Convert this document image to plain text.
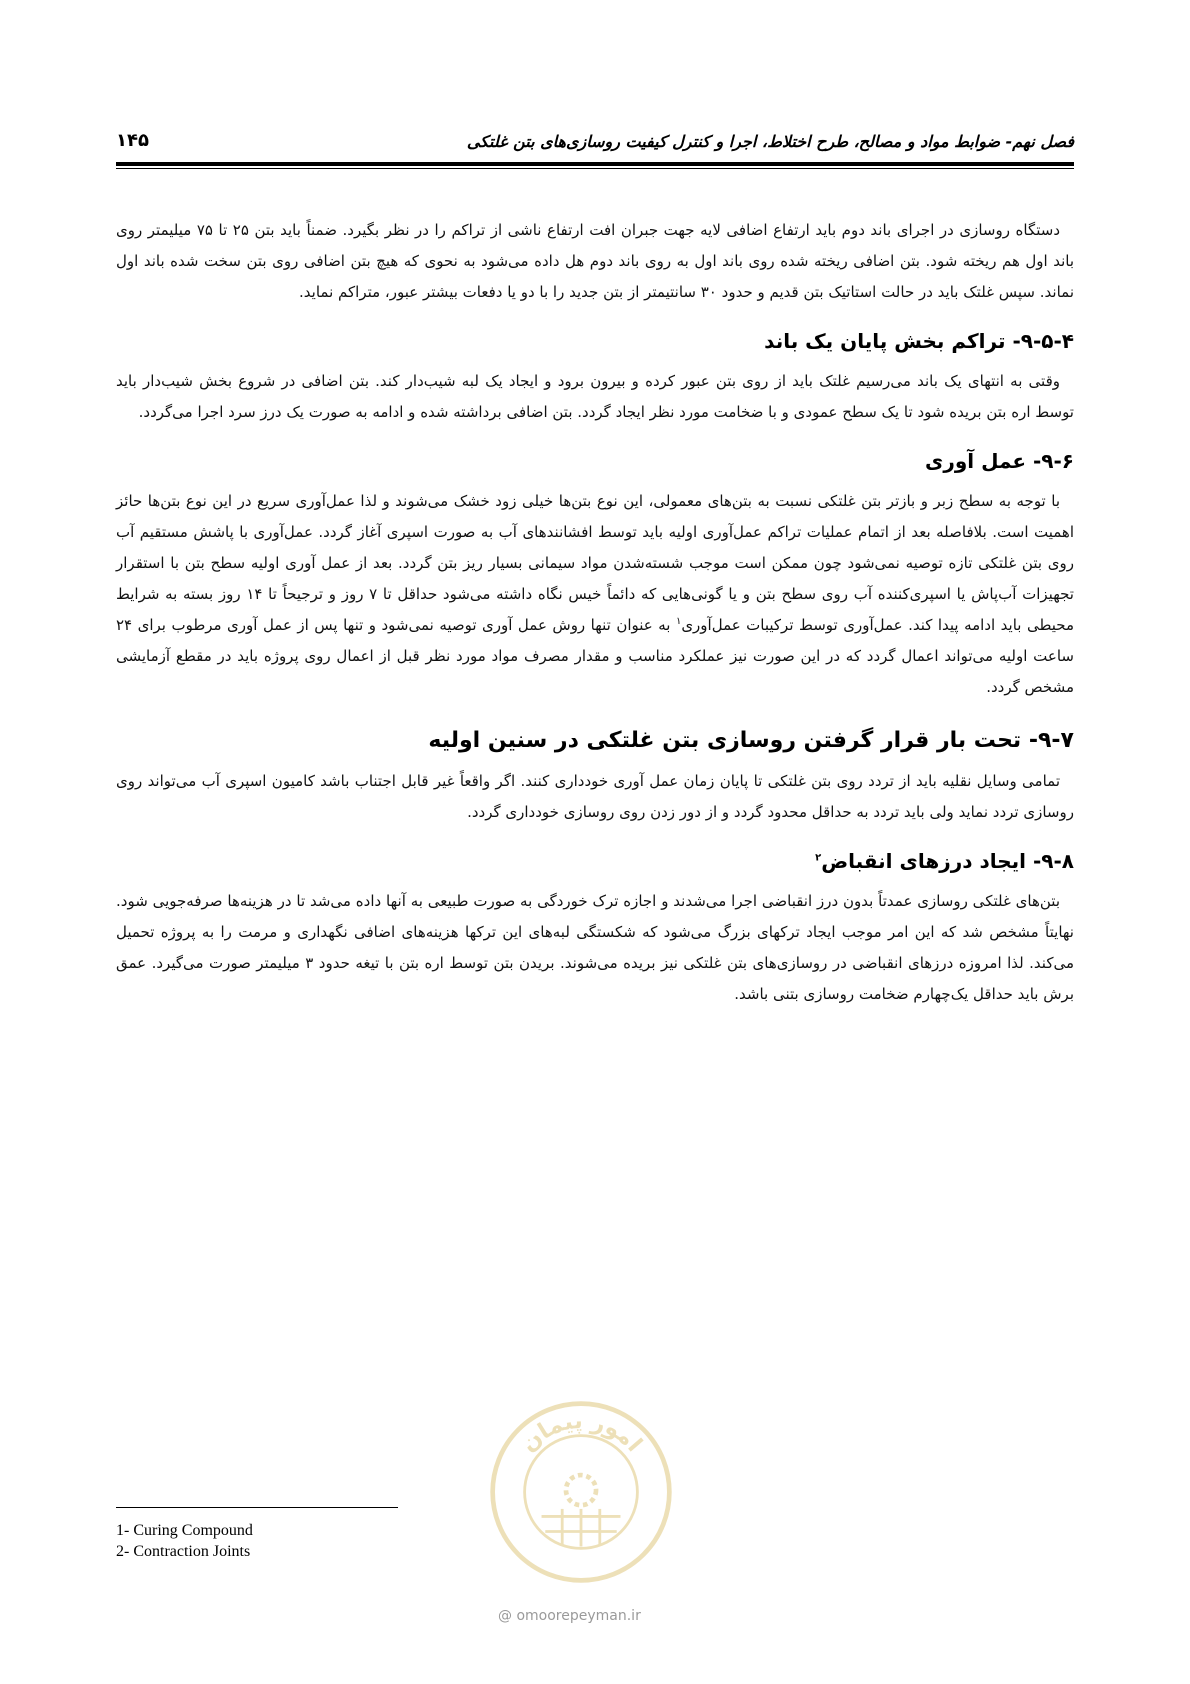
فصل نهم- ضوابط مواد و مصالح، طرح اختلاط، اجرا و کنترل کیفیت روسازی‌های بتن غلتکی
۱۴۵

دستگاه روسازی در اجرای باند دوم باید ارتفاع اضافی لایه جهت جبران افت ارتفاع ناشی از تراکم را در نظر بگیرد. ضمناً باید بتن ۲۵ تا ۷۵ میلیمتر روی باند اول هم ریخته شود. بتن اضافی ریخته شده روی باند اول به روی باند دوم هل داده می‌شود به نحوی که هیچ بتن اضافی روی بتن سخت شده باند اول نماند. سپس غلتک باید در حالت استاتیک بتن قدیم و حدود ۳۰ سانتیمتر از بتن جدید را با دو یا دفعات بیشتر عبور، متراکم نماید.

۹-۵-۴- تراکم بخش پایان یک باند

وقتی به انتهای یک باند می‌رسیم غلتک باید از روی بتن عبور کرده و بیرون برود و ایجاد یک لبه شیب‌دار کند. بتن اضافی در شروع بخش شیب‌دار باید توسط اره بتن بریده شود تا یک سطح عمودی و با ضخامت مورد نظر ایجاد گردد. بتن اضافی برداشته شده و ادامه به صورت یک درز سرد اجرا می‌گردد.

۹-۶- عمل آوری

با توجه به سطح زبر و بازتر بتن غلتکی نسبت به بتن‌های معمولی، این نوع بتن‌ها خیلی زود خشک می‌شوند و لذا عمل‌آوری سریع در این نوع بتن‌ها حائز اهمیت است. بلافاصله بعد از اتمام عملیات تراکم عمل‌آوری اولیه باید توسط افشانندهای آب به صورت اسپری آغاز گردد. عمل‌آوری با پاشش مستقیم آب روی بتن غلتکی تازه توصیه نمی‌شود چون ممکن است موجب شسته‌شدن مواد سیمانی بسیار ریز بتن گردد. بعد از عمل آوری اولیه سطح بتن با استقرار تجهیزات آب‌پاش یا اسپری‌کننده آب روی سطح بتن و یا گونی‌هایی که دائماً خیس نگاه داشته می‌شود حداقل تا ۷ روز و ترجیحاً تا ۱۴ روز بسته به شرایط محیطی باید ادامه پیدا کند. عمل‌آوری توسط ترکیبات عمل‌آوری$^۱$ به عنوان تنها روش عمل آوری توصیه نمی‌شود و تنها پس از عمل آوری مرطوب برای ۲۴ ساعت اولیه می‌تواند اعمال گردد که در این صورت نیز عملکرد مناسب و مقدار مصرف مواد مورد نظر قبل از اعمال روی پروژه باید در مقطع آزمایشی مشخص گردد.

۹-۷- تحت بار قرار گرفتن روسازی بتن غلتکی در سنین اولیه

تمامی وسایل نقلیه باید از تردد روی بتن غلتکی تا پایان زمان عمل آوری خودداری کنند. اگر واقعاً غیر قابل اجتناب باشد کامیون اسپری آب می‌تواند روی روسازی تردد نماید ولی باید تردد به حداقل محدود گردد و از دور زدن روی روسازی خودداری گردد.

۹-۸- ایجاد درزهای انقباض$^۲$

بتن‌های غلتکی روسازی عمدتاً بدون درز انقباضی اجرا می‌شدند و اجازه ترک خوردگی به صورت طبیعی به آنها داده می‌شد تا در هزینه‌ها صرفه‌جویی شود. نهایتاً مشخص شد که این امر موجب ایجاد ترکهای بزرگ می‌شود که شکستگی لبه‌های این ترکها هزینه‌های اضافی نگهداری و مرمت را به پروژه تحمیل می‌کند. لذا امروزه درزهای انقباضی در روسازی‌های بتن غلتکی نیز بریده می‌شوند. بریدن بتن توسط اره بتن با تیغه حدود ۳ میلیمتر صورت می‌گیرد. عمق برش باید حداقل یک‌چهارم ضخامت روسازی بتنی باشد.

امور پیمان
@ omoorepeyman.ir
1- Curing Compound
2- Contraction Joints
